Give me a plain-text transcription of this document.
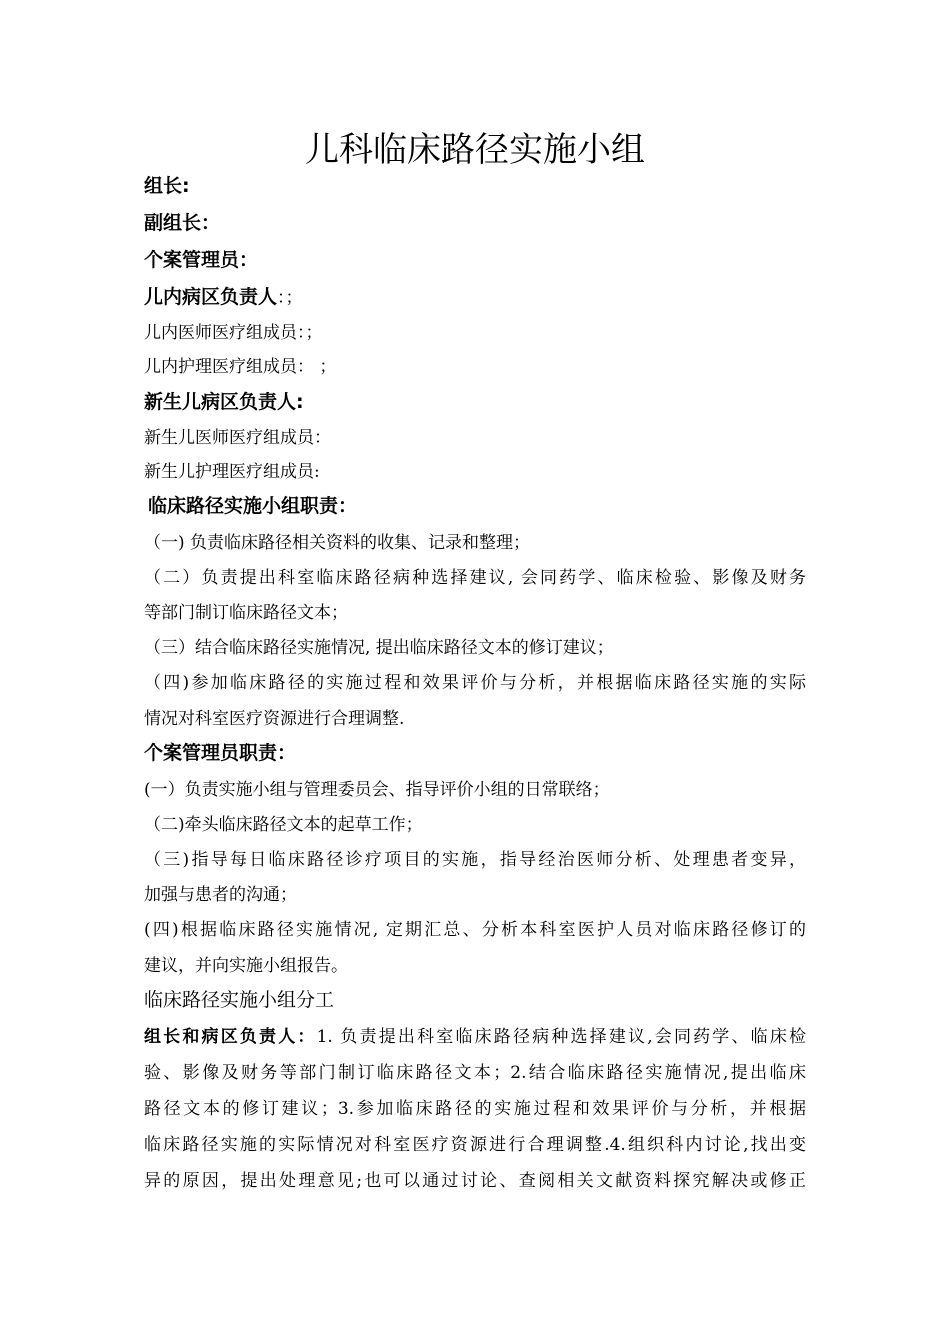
儿科临床路径实施小组
组长:
副组长：
个案管理员：
儿内病区负责人：；
儿内医师医疗组成员：；
儿内护理医疗组成员： ；
新生儿病区负责人:
新生儿医师医疗组成员：
新生儿护理医疗组成员:
临床路径实施小组职责：
（一) 负责临床路径相关资料的收集、记录和整理；
（二）负责提出科室临床路径病种选择建议, 会同药学、临床检验、影像及财务
等部门制订临床路径文本；
（三）结合临床路径实施情况, 提出临床路径文本的修订建议；
（四)参加临床路径的实施过程和效果评价与分析，并根据临床路径实施的实际
情况对科室医疗资源进行合理调整.
个案管理员职责：
(一）负责实施小组与管理委员会、指导评价小组的日常联络；
（二)牵头临床路径文本的起草工作；
（三)指导每日临床路径诊疗项目的实施，指导经治医师分析、处理患者变异，
加强与患者的沟通；
(四)根据临床路径实施情况, 定期汇总、分析本科室医护人员对临床路径修订的
建议，并向实施小组报告。
临床路径实施小组分工
组长和病区负责人：1. 负责提出科室临床路径病种选择建议,会同药学、临床检
验、影像及财务等部门制订临床路径文本；2.结合临床路径实施情况,提出临床
路径文本的修订建议；3.参加临床路径的实施过程和效果评价与分析，并根据
临床路径实施的实际情况对科室医疗资源进行合理调整.4.组织科内讨论,找出变
异的原因，提出处理意见;也可以通过讨论、查阅相关文献资料探究解决或修正
